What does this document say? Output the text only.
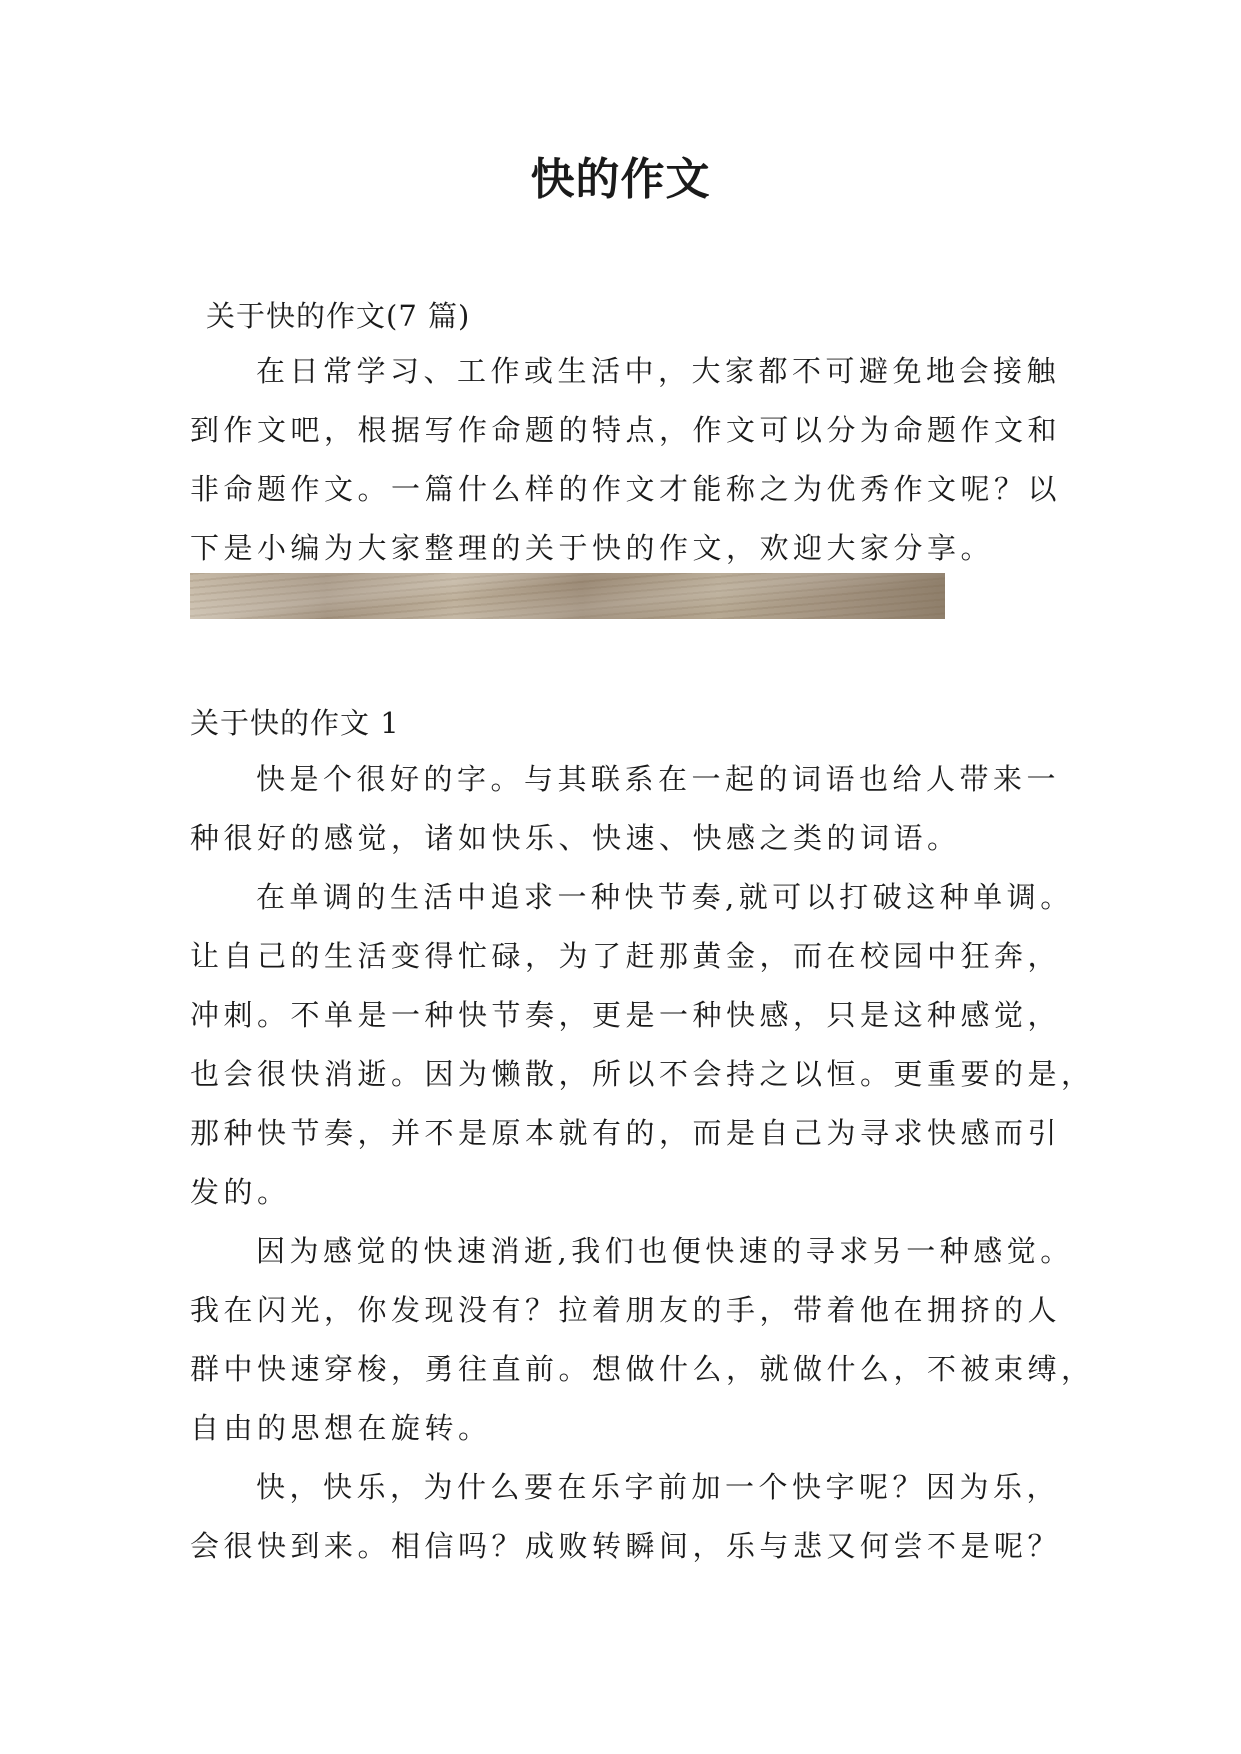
快的作文
关于快的作文(7 篇)
在日常学习、工作或生活中，大家都不可避免地会接触
到作文吧，根据写作命题的特点，作文可以分为命题作文和
非命题作文。一篇什么样的作文才能称之为优秀作文呢？以
下是小编为大家整理的关于快的作文，欢迎大家分享。
关于快的作文 1
快是个很好的字。与其联系在一起的词语也给人带来一
种很好的感觉，诸如快乐、快速、快感之类的词语。
在单调的生活中追求一种快节奏,就可以打破这种单调。
让自己的生活变得忙碌，为了赶那黄金，而在校园中狂奔，
冲刺。不单是一种快节奏，更是一种快感，只是这种感觉，
也会很快消逝。因为懒散，所以不会持之以恒。更重要的是，
那种快节奏，并不是原本就有的，而是自己为寻求快感而引
发的。
因为感觉的快速消逝,我们也便快速的寻求另一种感觉。
我在闪光，你发现没有？拉着朋友的手，带着他在拥挤的人
群中快速穿梭，勇往直前。想做什么，就做什么，不被束缚，
自由的思想在旋转。
快，快乐，为什么要在乐字前加一个快字呢？因为乐，
会很快到来。相信吗？成败转瞬间，乐与悲又何尝不是呢？
